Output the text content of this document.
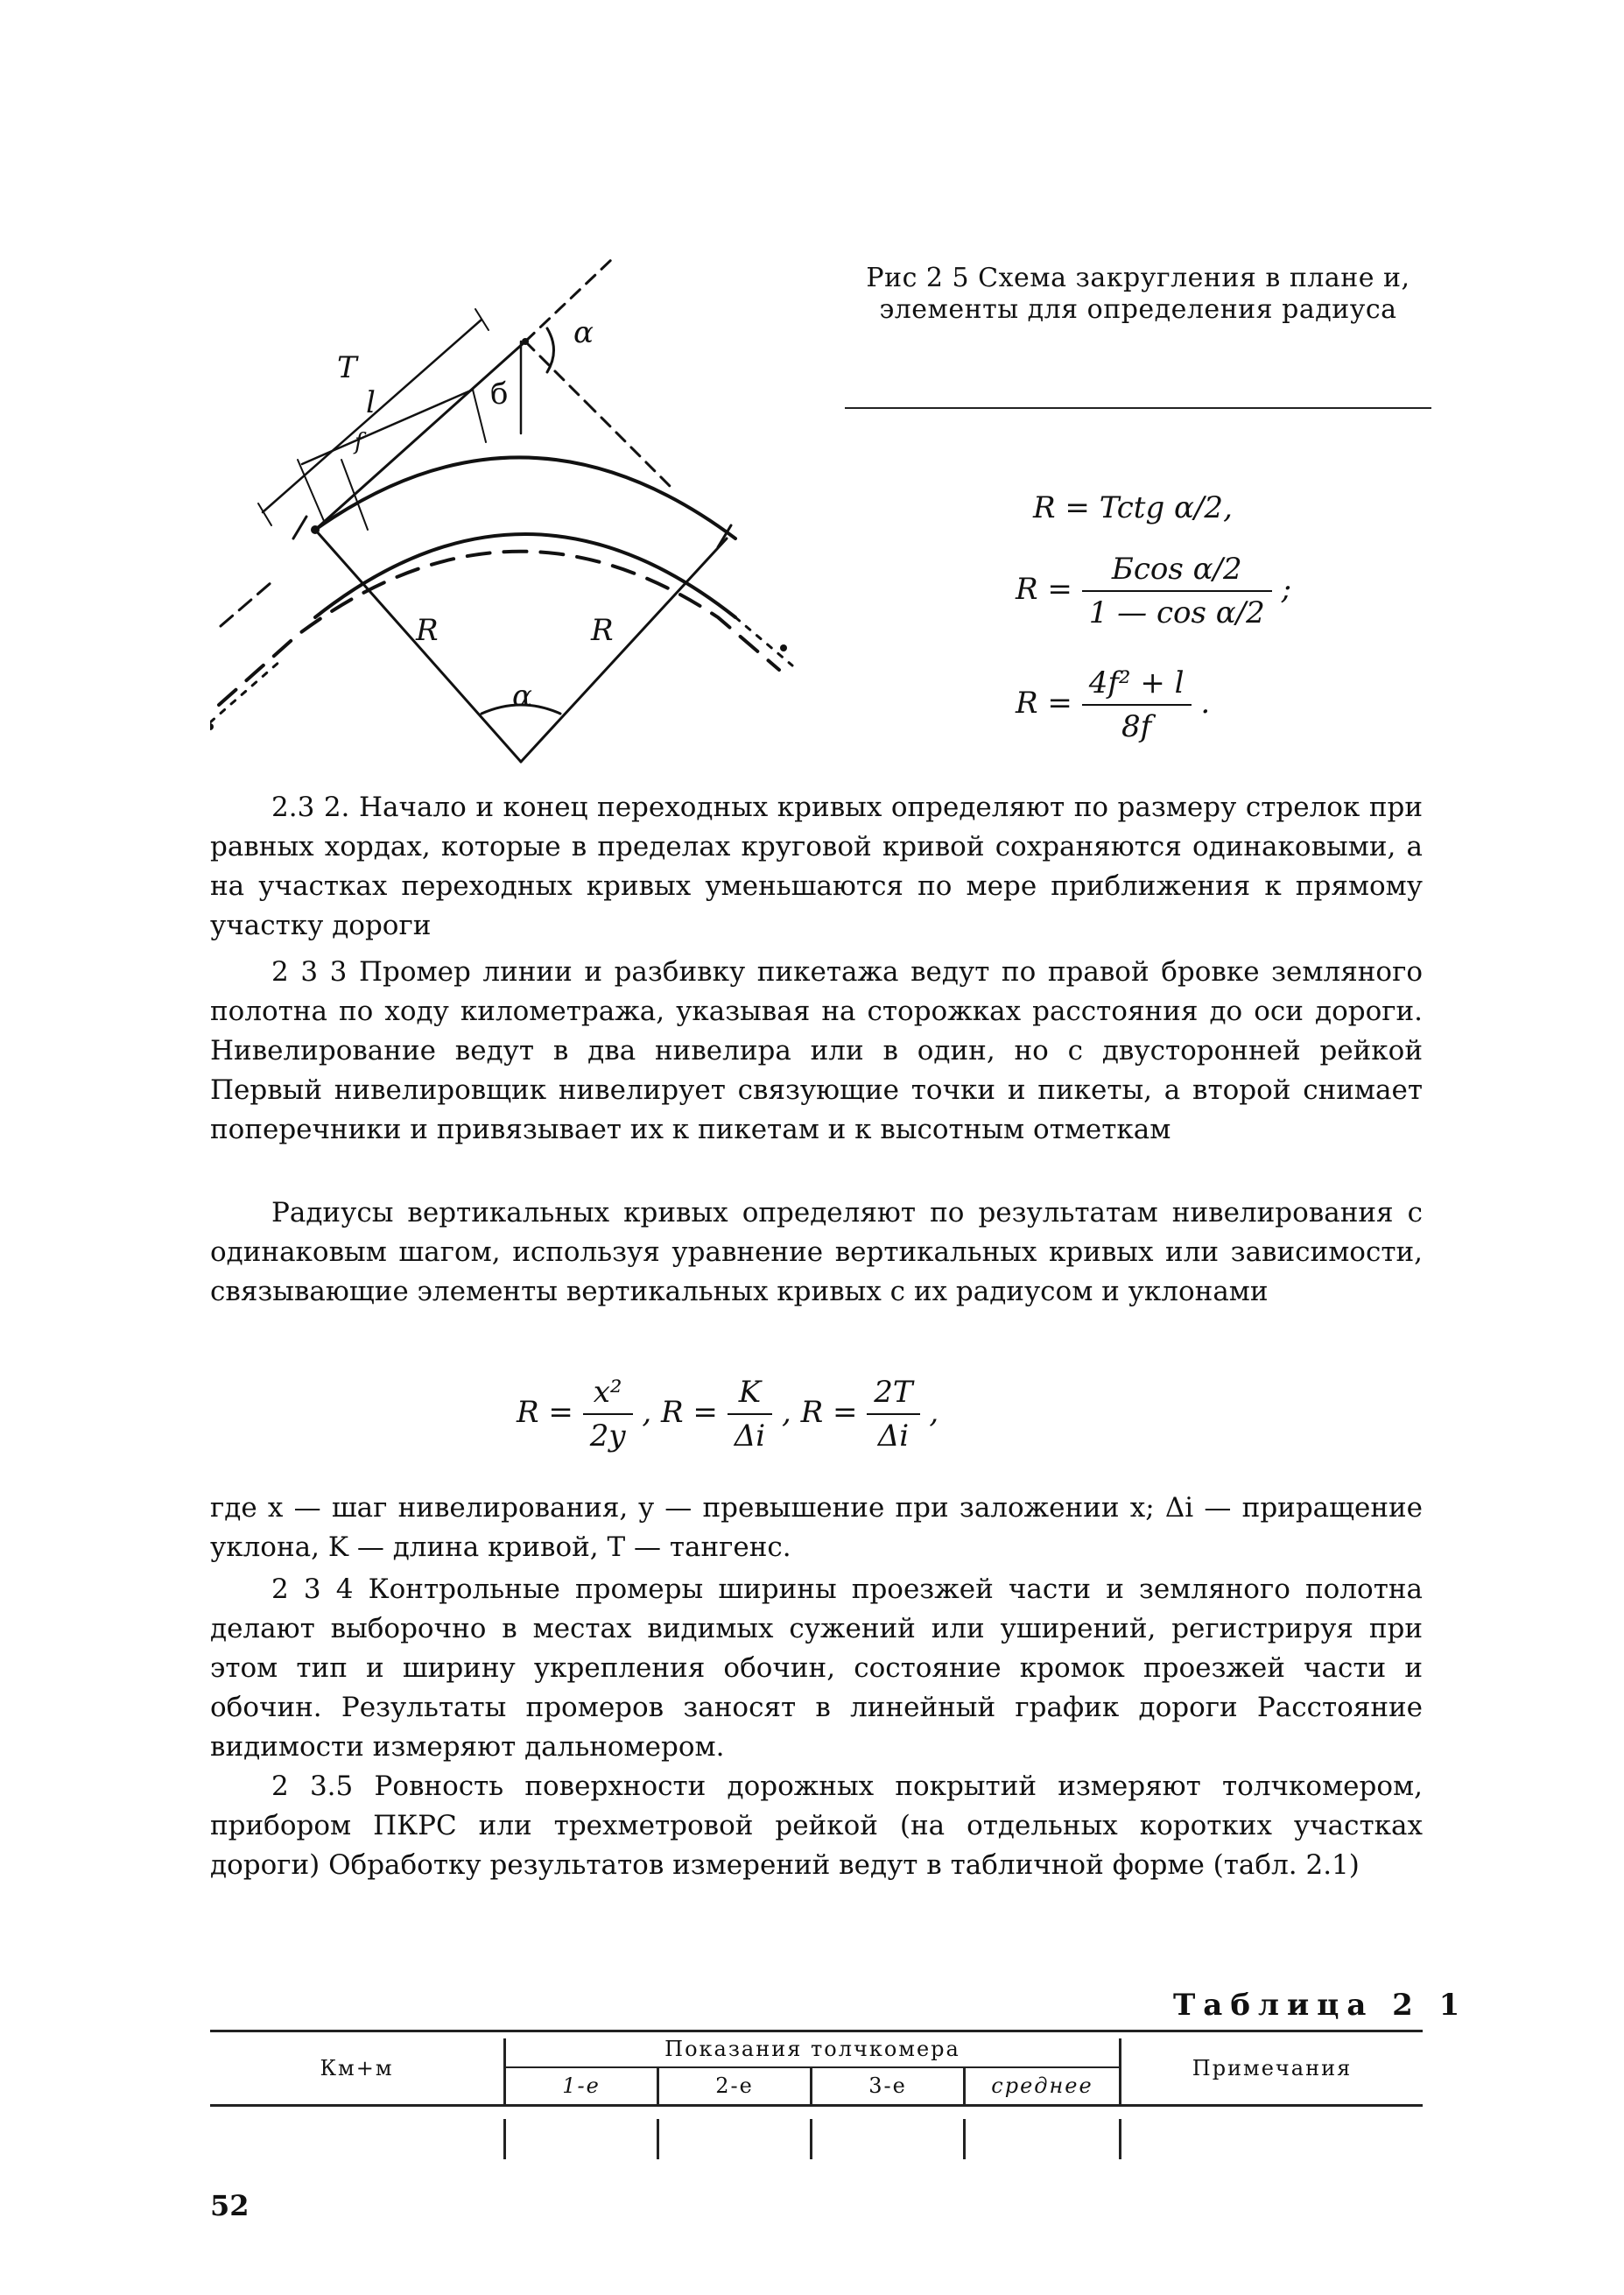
T
l
f
б
α
α
R	R
Рис 2 5 Схема закругления в плане и, элементы для определения радиуса
R = Tctg α/2,
$R = \frac{\text{Бcos α/2}}{\text{1 — cos α/2}}$ ;
$R = \frac{\text{4f² + l}}{8f}$ .
2.3 2. Начало и конец переходных кривых определяют по размеру стрелок при равных хордах, которые в пределах круговой кривой сохраняются одинаковыми, а на участках переходных кривых уменьшаются по мере приближения к прямому участку дороги
2 3 3 Промер линии и разбивку пикетажа ведут по правой бровке земляного полотна по ходу километража, указывая на сторожках расстояния до оси дороги. Нивелирование ведут в два нивелира или в один, но с двусторонней рейкой Первый нивелировщик нивелирует связующие точки и пикеты, а второй снимает поперечники и привязывает их к пикетам и к высотным отметкам
Радиусы вертикальных кривых определяют по результатам нивелирования с одинаковым шагом, используя уравнение вертикальных кривых или зависимости, связывающие элементы вертикальных кривых с их радиусом и уклонами
$R = \frac{\text{x²}}{2y}$ , $R = \frac{K}{\Delta i}$ , $R = \frac{2T}{\Delta i}$ ,
где x — шаг нивелирования, y — превышение при заложении x; Δi — приращение уклона, K — длина кривой, T — тангенс.
2 3 4 Контрольные промеры ширины проезжей части и земляного полотна делают выборочно в местах видимых сужений или уширений, регистрируя при этом тип и ширину укрепления обочин, состояние кромок проезжей части и обочин. Результаты промеров заносят в линейный график дороги Расстояние видимости измеряют дальномером.
2 3.5 Ровность поверхности дорожных покрытий измеряют толчкомером, прибором ПКРС или трехметровой рейкой (на отдельных коротких участках дороги) Обработку результатов измерений ведут в табличной форме (табл. 2.1)
Таблица 2 1
Км+м
Показания толчкомера
1-е	2-е	3-е	среднее
Примечания
52
